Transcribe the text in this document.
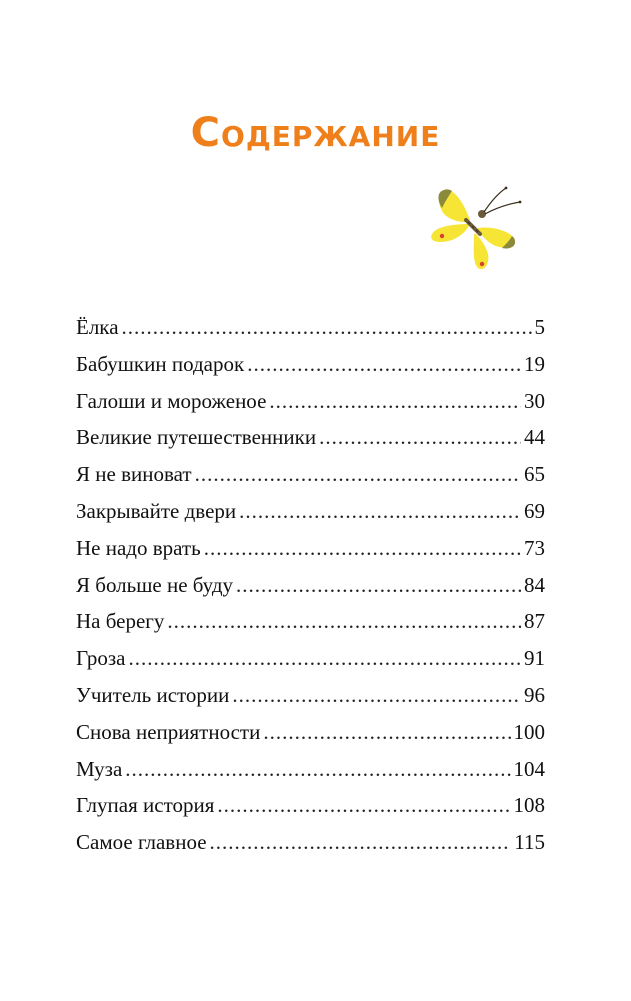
Содержание
Ёлка .....	5
Бабушкин подарок .....	19
Галоши и мороженое .....	30
Великие путешественники .....	44
Я не виноват .....	65
Закрывайте двери .....	69
Не надо врать .....	73
Я больше не буду .....	84
На берегу .....	87
Гроза .....	91
Учитель истории .....	96
Снова неприятности .....	100
Муза .....	104
Глупая история .....	108
Самое главное .....	115
